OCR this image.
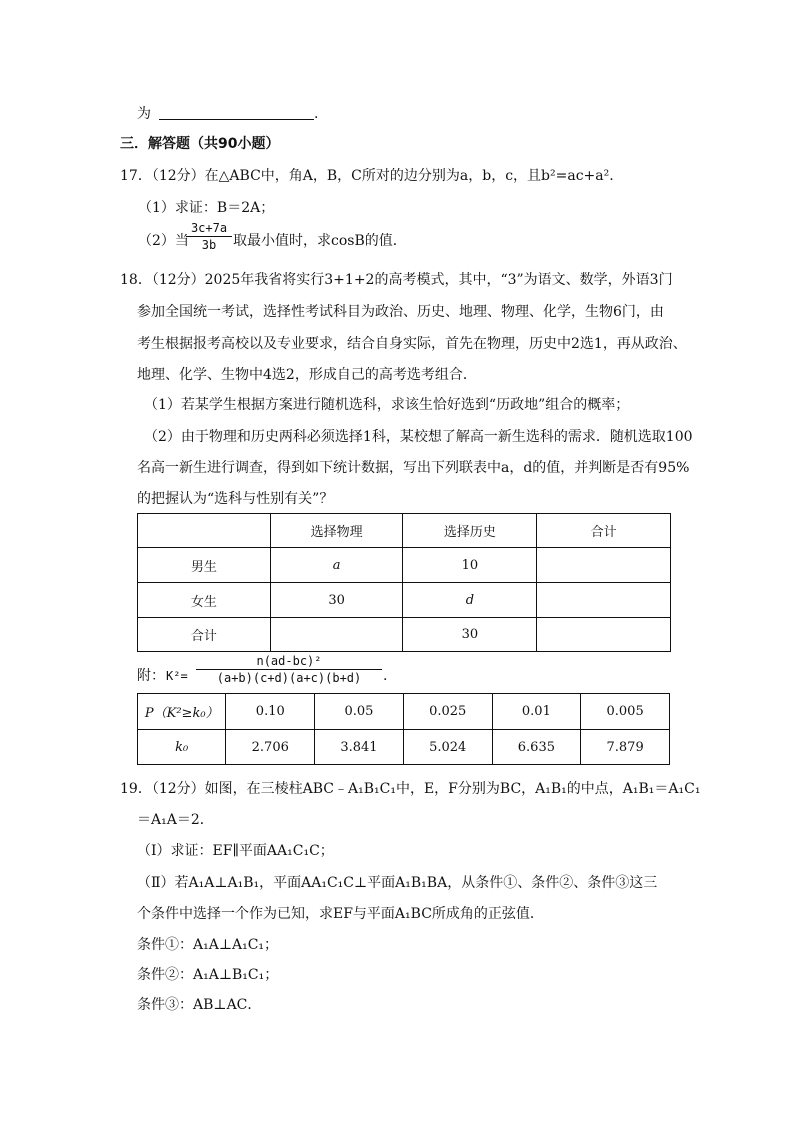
为	.
三．解答题（共90小题）
17．（12分）在△ABC中，角A，B，C所对的边分别为a，b，c，且b²=ac+a².
（1）求证：B＝2A；
（2）当
3c+7a
3b	取最小值时，求cosB的值．
18．（12分）2025年我省将实行3+1+2的高考模式，其中，“3”为语文、数学，外语3门
参加全国统一考试，选择性考试科目为政治、历史、地理、物理、化学，生物6门，由
考生根据报考高校以及专业要求，结合自身实际，首先在物理，历史中2选1，再从政治、
地理、化学、生物中4选2，形成自己的高考选考组合．
（1）若某学生根据方案进行随机选科，求该生恰好选到“历政地”组合的概率；
（2）由于物理和历史两科必须选择1科，某校想了解高一新生选科的需求．随机选取100
名高一新生进行调查，得到如下统计数据，写出下列联表中a，d的值，并判断是否有95%
的把握认为“选科与性别有关”？
	选择物理	选择历史	合计
男生	a	10	
女生	30	d	
合计		30	
附： K²=
n(ad-bc)²
(a+b)(c+d)(a+c)(b+d)	.
P（K²≥k₀）	0.10	0.05	0.025	0.01	0.005
k₀	2.706	3.841	5.024	6.635	7.879
19．（12分）如图，在三棱柱ABC﹣A₁B₁C₁中，E，F分别为BC，A₁B₁的中点，A₁B₁＝A₁C₁
＝A₁A＝2．
（Ⅰ）求证：EF∥平面AA₁C₁C；
（Ⅱ）若A₁A⊥A₁B₁，平面AA₁C₁C⊥平面A₁B₁BA，从条件①、条件②、条件③这三
个条件中选择一个作为已知，求EF与平面A₁BC所成角的正弦值．
条件①：A₁A⊥A₁C₁；
条件②：A₁A⊥B₁C₁；
条件③：AB⊥AC．
